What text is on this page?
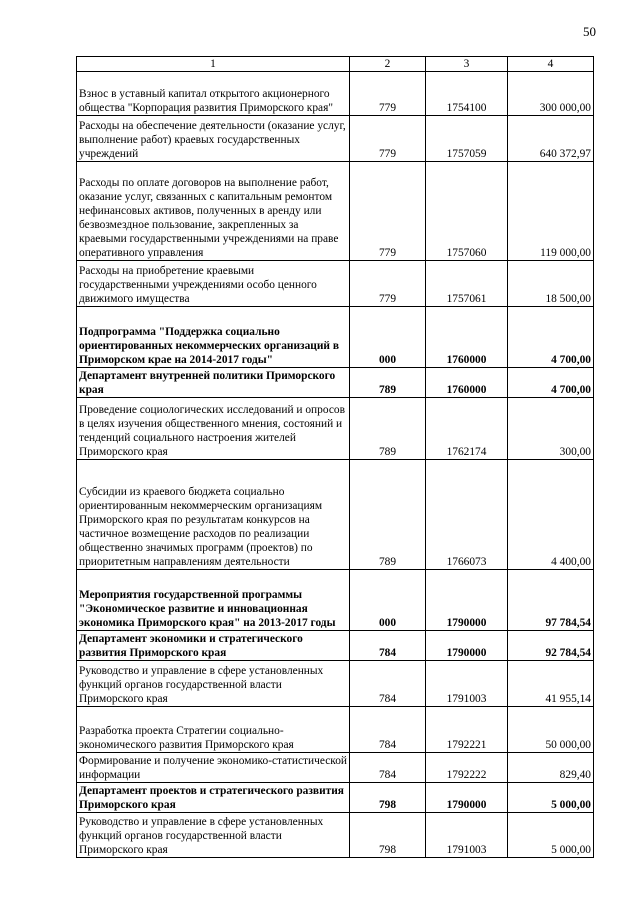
50
1	2	3	4
Взнос в уставный капитал открытого акционерного общества "Корпорация развития Приморского края"	779	1754100	300 000,00
Расходы на обеспечение деятельности (оказание услуг, выполнение работ) краевых государственных учреждений	779	1757059	640 372,97
Расходы по оплате договоров на выполнение работ, оказание услуг, связанных с капитальным ремонтом нефинансовых активов, полученных в аренду или безвозмездное пользование, закрепленных за краевыми государственными учреждениями на праве оперативного управления	779	1757060	119 000,00
Расходы на приобретение краевыми государственными учреждениями особо ценного движимого имущества	779	1757061	18 500,00
Подпрограмма "Поддержка социально ориентированных некоммерческих организаций в Приморском крае на 2014-2017 годы"	000	1760000	4 700,00
Департамент внутренней политики Приморского края	789	1760000	4 700,00
Проведение социологических исследований и опросов в целях изучения общественного мнения, состояний и тенденций социального настроения жителей Приморского края	789	1762174	300,00
Субсидии из краевого бюджета социально ориентированным некоммерческим организациям Приморского края по результатам конкурсов на частичное возмещение расходов по реализации общественно значимых программ (проектов) по приоритетным направлениям деятельности	789	1766073	4 400,00
Мероприятия государственной программы "Экономическое развитие и инновационная экономика Приморского края" на 2013-2017 годы	000	1790000	97 784,54
Департамент экономики и стратегического развития Приморского края	784	1790000	92 784,54
Руководство и управление в сфере установленных функций органов государственной власти Приморского края	784	1791003	41 955,14
Разработка проекта Стратегии социально-экономического развития Приморского края	784	1792221	50 000,00
Формирование и получение экономико-статистической информации	784	1792222	829,40
Департамент проектов и стратегического развития Приморского края	798	1790000	5 000,00
Руководство и управление в сфере установленных функций органов государственной власти Приморского края	798	1791003	5 000,00
